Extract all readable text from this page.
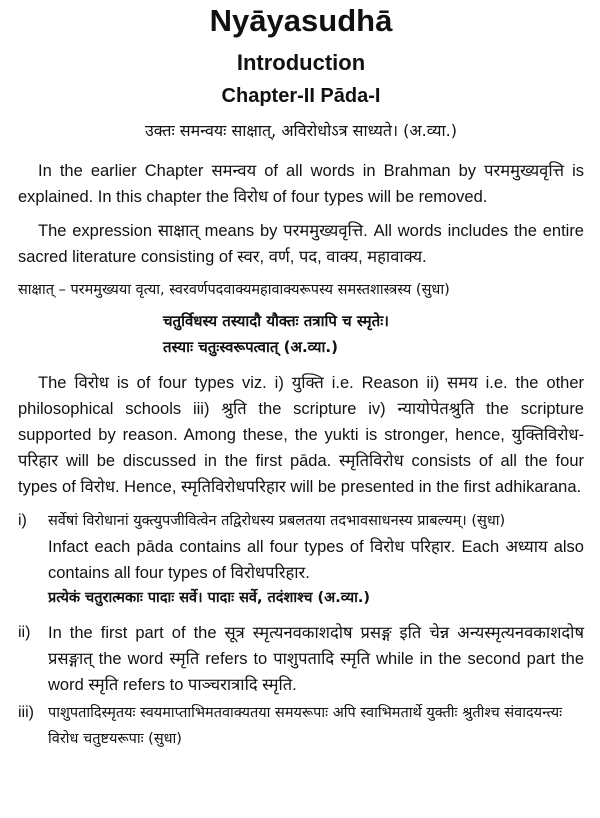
Nyāyasudhā
Introduction
Chapter-II Pāda-I

उक्तः समन्वयः साक्षात्, अविरोधोऽत्र साध्यते। (अ.व्या.)

In the earlier Chapter समन्वय of all words in Brahman by परममुख्यवृत्ति is explained. In this chapter the विरोध of four types will be removed.

The expression साक्षात् means by परममुख्यवृत्ति. All words includes the entire sacred literature consisting of स्वर, वर्ण, पद, वाक्य, महावाक्य.

साक्षात् – परममुख्यया वृत्या, स्वरवर्णपदवाक्यमहावाक्यरूपस्य समस्तशास्त्रस्य (सुधा)

चतुर्विधस्य तस्यादौ यौक्तः तत्रापि च स्मृतेः।
तस्याः चतुःस्वरूपत्वात् (अ.व्या.)

The विरोध is of four types viz. i) युक्ति i.e. Reason ii) समय i.e. the other philosophical schools iii) श्रुति the scripture iv) न्यायोपेतश्रुति the scripture supported by reason. Among these, the yukti is stronger, hence, युक्तिविरोध-परिहार will be discussed in the first pāda. स्मृतिविरोध consists of all the four types of विरोध. Hence, स्मृतिविरोधपरिहार will be presented in the first adhikarana.

i)	सर्वेषां विरोधानां युक्त्युपजीवित्वेन तद्विरोधस्य प्रबलतया तदभावसाधनस्य प्राबल्यम्। (सुधा)

Infact each pāda contains all four types of विरोध परिहार. Each अध्याय also contains all four types of विरोधपरिहार.

प्रत्येकं चतुरात्मकाः पादाः सर्वे। पादाः सर्वे, तदंशाश्च (अ.व्या.)

ii)	In the first part of the सूत्र स्मृत्यनवकाशदोष प्रसङ्ग इति चेन्न अन्यस्मृत्यनवकाशदोष प्रसङ्गात् the word स्मृति refers to पाशुपतादि स्मृति while in the second part the word स्मृति refers to पाञ्चरात्रादि स्मृति.

iii) पाशुपतादिस्मृतयः स्वयमाप्ताभिमतवाक्यतया समयरूपाः अपि स्वाभिमतार्थे युक्तीः श्रुतीश्च संवादयन्त्यः विरोध चतुष्टयरूपाः (सुधा)
